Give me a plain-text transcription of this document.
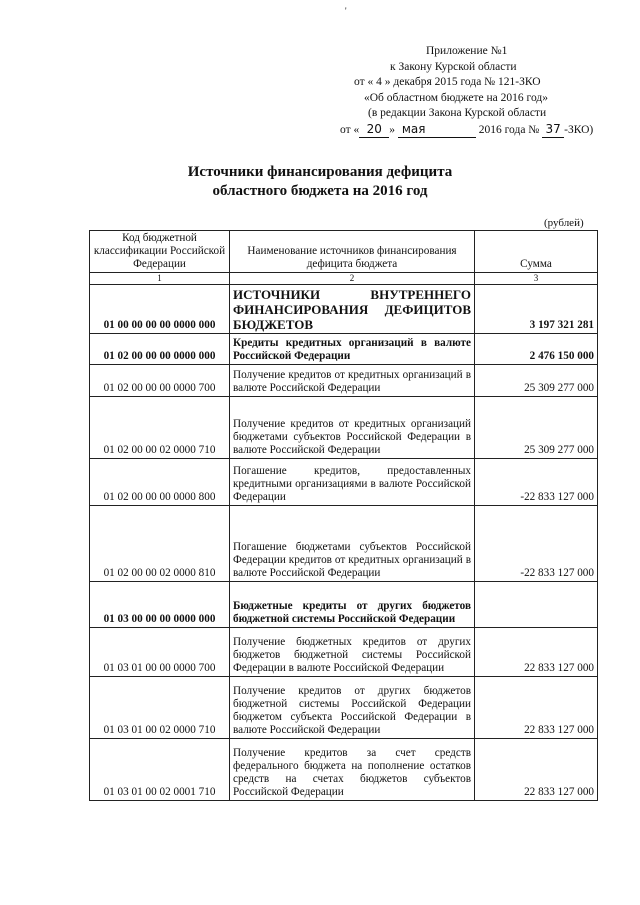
'
Приложение №1
к Закону Курской области
от « 4 » декабря 2015 года № 121-ЗКО
«Об областном бюджете на 2016 год»
(в редакции Закона Курской области
от « 20 » мая	2016 года № 37 -ЗКО)
Источники финансирования дефицита
областного бюджета на 2016 год
(рублей)
Код бюджетной классификации Российской Федерации	Наименование источников финансирования дефицита бюджета	Сумма
1	2	3
01 00 00 00 00 0000 000	ИСТОЧНИКИ ВНУТРЕННЕГО ФИНАНСИРОВАНИЯ ДЕФИЦИТОВ БЮДЖЕТОВ	3 197 321 281
01 02 00 00 00 0000 000	Кредиты кредитных организаций в валюте Российской Федерации	2 476 150 000
01 02 00 00 00 0000 700	Получение кредитов от кредитных организаций в валюте Российской Федерации	25 309 277 000
01 02 00 00 02 0000 710	Получение кредитов от кредитных организаций бюджетами субъектов Российской Федерации в валюте Российской Федерации	25 309 277 000
01 02 00 00 00 0000 800	Погашение кредитов, предоставленных кредитными организациями в валюте Российской Федерации	-22 833 127 000
01 02 00 00 02 0000 810	Погашение бюджетами субъектов Российской Федерации кредитов от кредитных организаций в валюте Российской Федерации	-22 833 127 000
01 03 00 00 00 0000 000	Бюджетные кредиты от других бюджетов бюджетной системы Российской Федерации	
01 03 01 00 00 0000 700	Получение бюджетных кредитов от других бюджетов бюджетной системы Российской Федерации в валюте Российской Федерации	22 833 127 000
01 03 01 00 02 0000 710	Получение кредитов от других бюджетов бюджетной системы Российской Федерации бюджетом субъекта Российской Федерации в валюте Российской Федерации	22 833 127 000
01 03 01 00 02 0001 710	Получение кредитов за счет средств федерального бюджета на пополнение остатков средств на счетах бюджетов субъектов Российской Федерации	22 833 127 000
